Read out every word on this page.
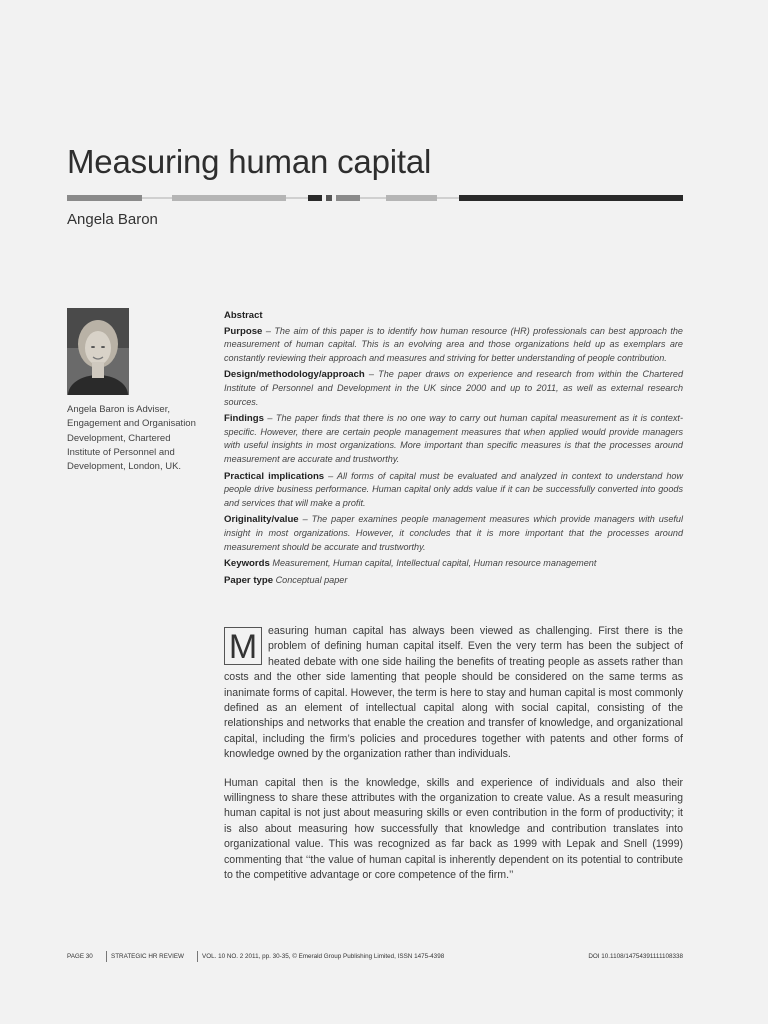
Measuring human capital
Angela Baron
Angela Baron is Adviser, Engagement and Organisation Development, Chartered Institute of Personnel and Development, London, UK.
Abstract

Purpose – The aim of this paper is to identify how human resource (HR) professionals can best approach the measurement of human capital. This is an evolving area and those organizations held up as exemplars are constantly reviewing their approach and measures and striving for better understanding of people contribution.

Design/methodology/approach – The paper draws on experience and research from within the Chartered Institute of Personnel and Development in the UK since 2000 and up to 2011, as well as external research sources.

Findings – The paper finds that there is no one way to carry out human capital measurement as it is context-specific. However, there are certain people management measures that when applied would provide managers with useful insights in most organizations. More important than specific measures is that the processes around measurement are accurate and trustworthy.

Practical implications – All forms of capital must be evaluated and analyzed in context to understand how people drive business performance. Human capital only adds value if it can be successfully converted into goods and services that will make a profit.

Originality/value – The paper examines people management measures which provide managers with useful insight in most organizations. However, it concludes that it is more important that the processes around measurement should be accurate and trustworthy.

Keywords Measurement, Human capital, Intellectual capital, Human resource management

Paper type Conceptual paper

M	easuring human capital has always been viewed as challenging. First there is the problem of defining human capital itself. Even the very term has been the subject of heated debate with one side hailing the benefits of treating people as assets rather than costs and the other side lamenting that people should be considered on the same terms as inanimate forms of capital. However, the term is here to stay and human capital is most commonly defined as an element of intellectual capital along with social capital, consisting of the relationships and networks that enable the creation and transfer of knowledge, and organizational capital, including the firm’s policies and procedures together with patents and other forms of knowledge owned by the organization rather than individuals.

Human capital then is the knowledge, skills and experience of individuals and also their willingness to share these attributes with the organization to create value. As a result measuring human capital is not just about measuring skills or even contribution in the form of productivity; it is also about measuring how successfully that knowledge and contribution translates into organizational value. This was recognized as far back as 1999 with Lepak and Snell (1999) commenting that ‘‘the value of human capital is inherently dependent on its potential to contribute to the competitive advantage or core competence of the firm.’’

PAGE 30	STRATEGIC HR REVIEW	VOL. 10 NO. 2 2011, pp. 30-35, © Emerald Group Publishing Limited, ISSN 1475-4398	DOI 10.1108/14754391111108338
